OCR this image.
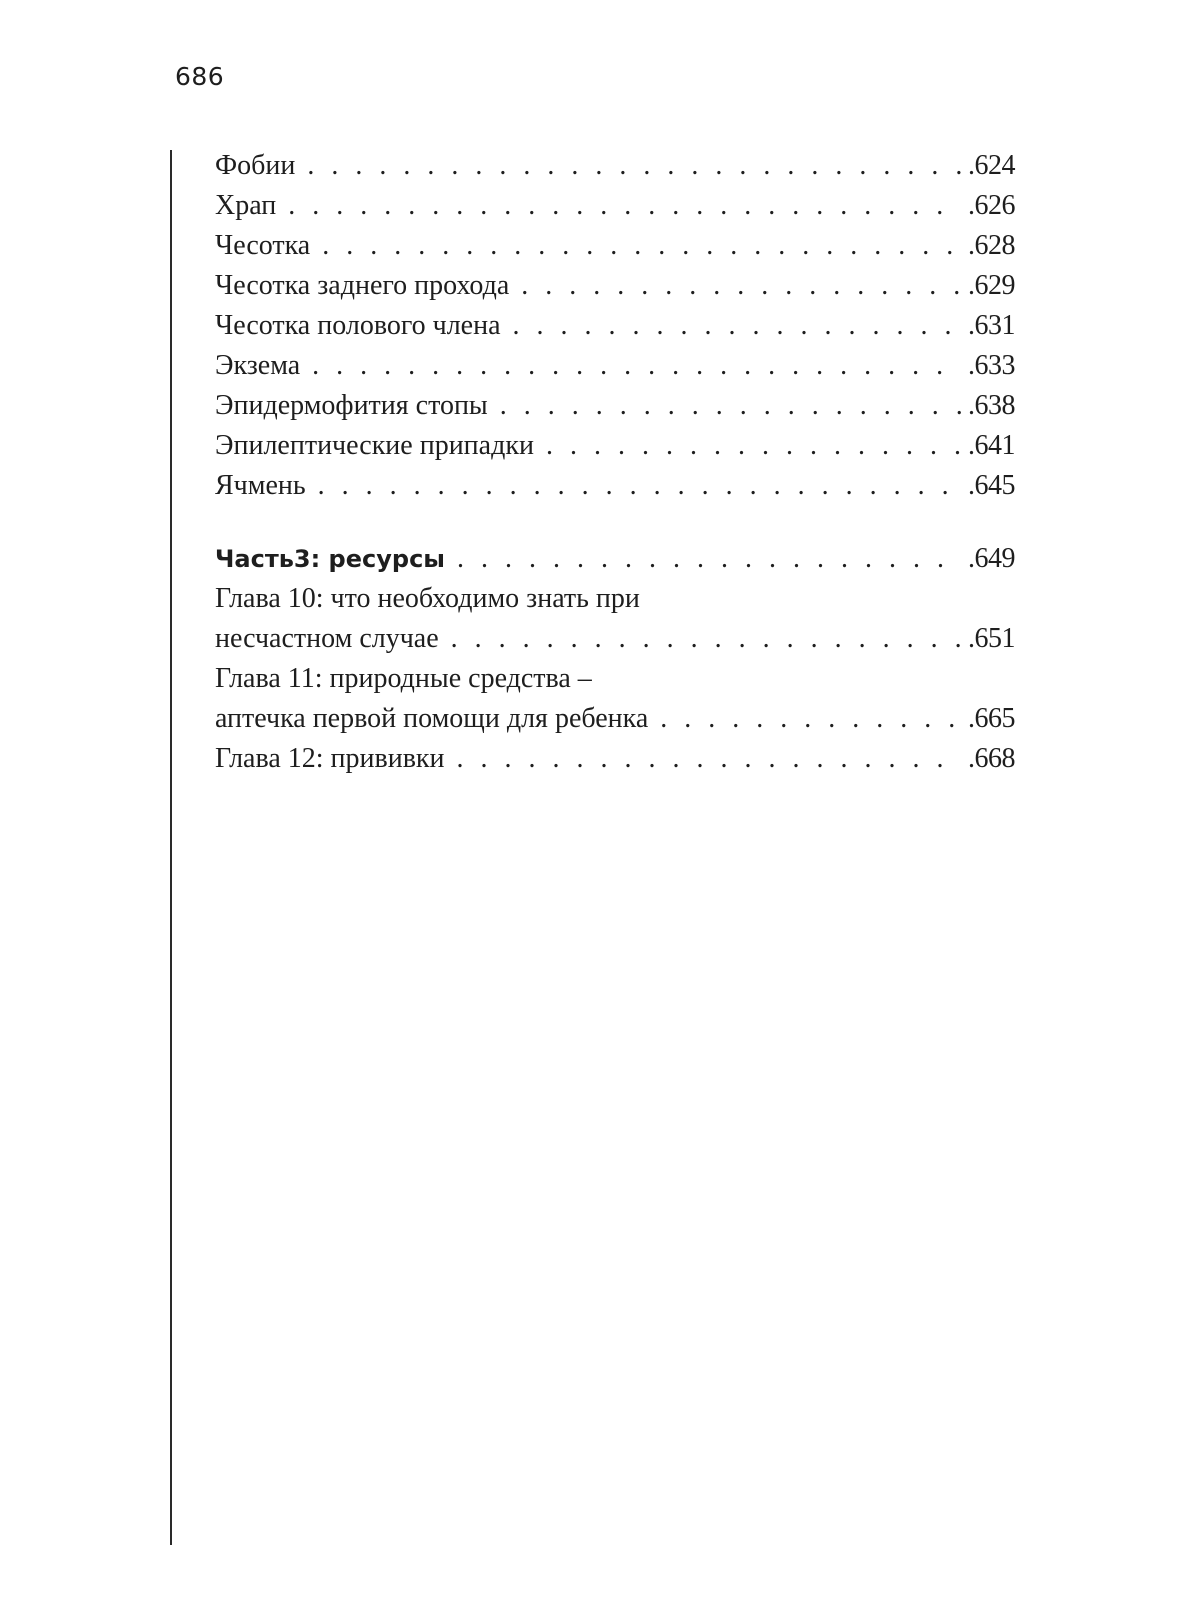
686
Фобии . . .	.624
Храп . . .	.626
Чесотка . . .	.628
Чесотка заднего прохода . . .	.629
Чесотка полового члена . . .	.631
Экзема . . .	.633
Эпидермофития стопы . . .	.638
Эпилептические припадки . . .	.641
Ячмень . . .	.645
Часть3: ресурсы . . .	.649
Глава 10: что необходимо знать при
несчастном случае . . .	.651
Глава 11: природные средства –
аптечка первой помощи для ребенка . . .	.665
Глава 12: прививки . . .	.668
